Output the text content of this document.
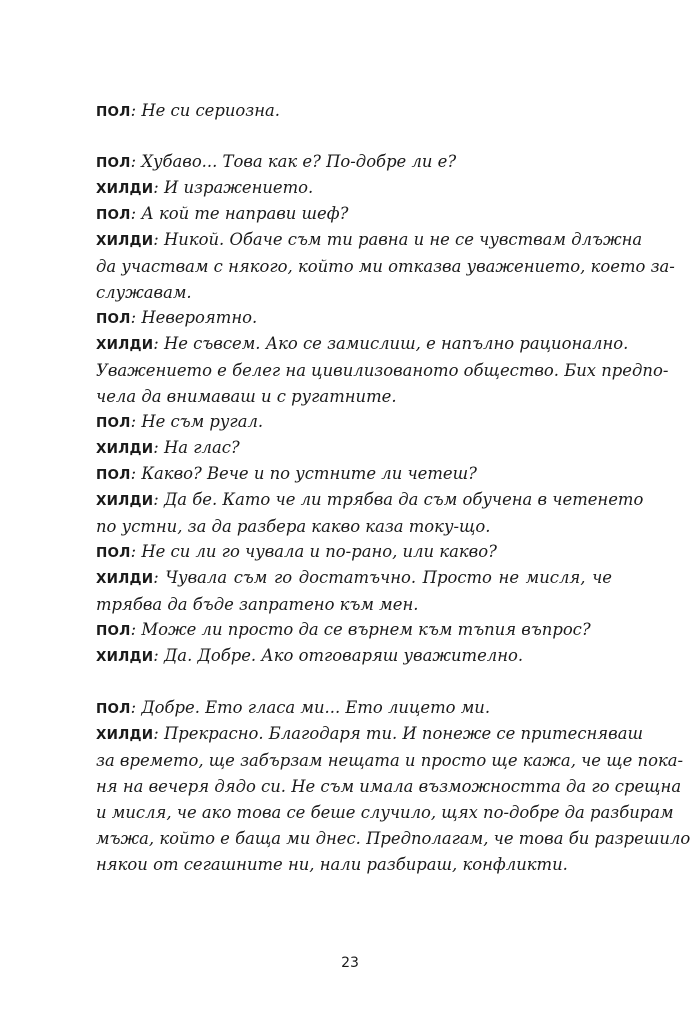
ПОЛ: Не си сериозна.

ПОЛ: Хубаво... Това как е? По-добре ли е?

ХИЛДИ: И изражението.

ПОЛ: А кой те направи шеф?

ХИЛДИ: Никой. Обаче съм ти равна и не се чувствам длъжна
да участвам с някого, който ми отказва уважението, което за-
служавам.

ПОЛ: Невероятно.

ХИЛДИ: Не съвсем. Ако се замислиш, е напълно рационално.
Уважението е белег на цивилизованото общество. Бих предпо-
чела да внимаваш и с ругатните.

ПОЛ: Не съм ругал.

ХИЛДИ: На глас?

ПОЛ: Какво? Вече и по устните ли четеш?

ХИЛДИ: Да бе. Като че ли трябва да съм обучена в четенето
по устни, за да разбера какво каза току-що.

ПОЛ: Не си ли го чувала и по-рано, или какво?

ХИЛДИ: Чувала съм го достатъчно. Просто не мисля, че
трябва да бъде запратено към мен.

ПОЛ: Може ли просто да се върнем към тъпия въпрос?

ХИЛДИ: Да. Добре. Ако отговаряш уважително.

ПОЛ: Добре. Ето гласа ми... Ето лицето ми.

ХИЛДИ: Прекрасно. Благодаря ти. И понеже се притесняваш
за времето, ще забързам нещата и просто ще кажа, че ще пока-
ня на вечеря дядо си. Не съм имала възможността да го срещна
и мисля, че ако това се беше случило, щях по-добре да разбирам
мъжа, който е баща ми днес. Предполагам, че това би разрешило
някои от сегашните ни, нали разбираш, конфликти.

23
